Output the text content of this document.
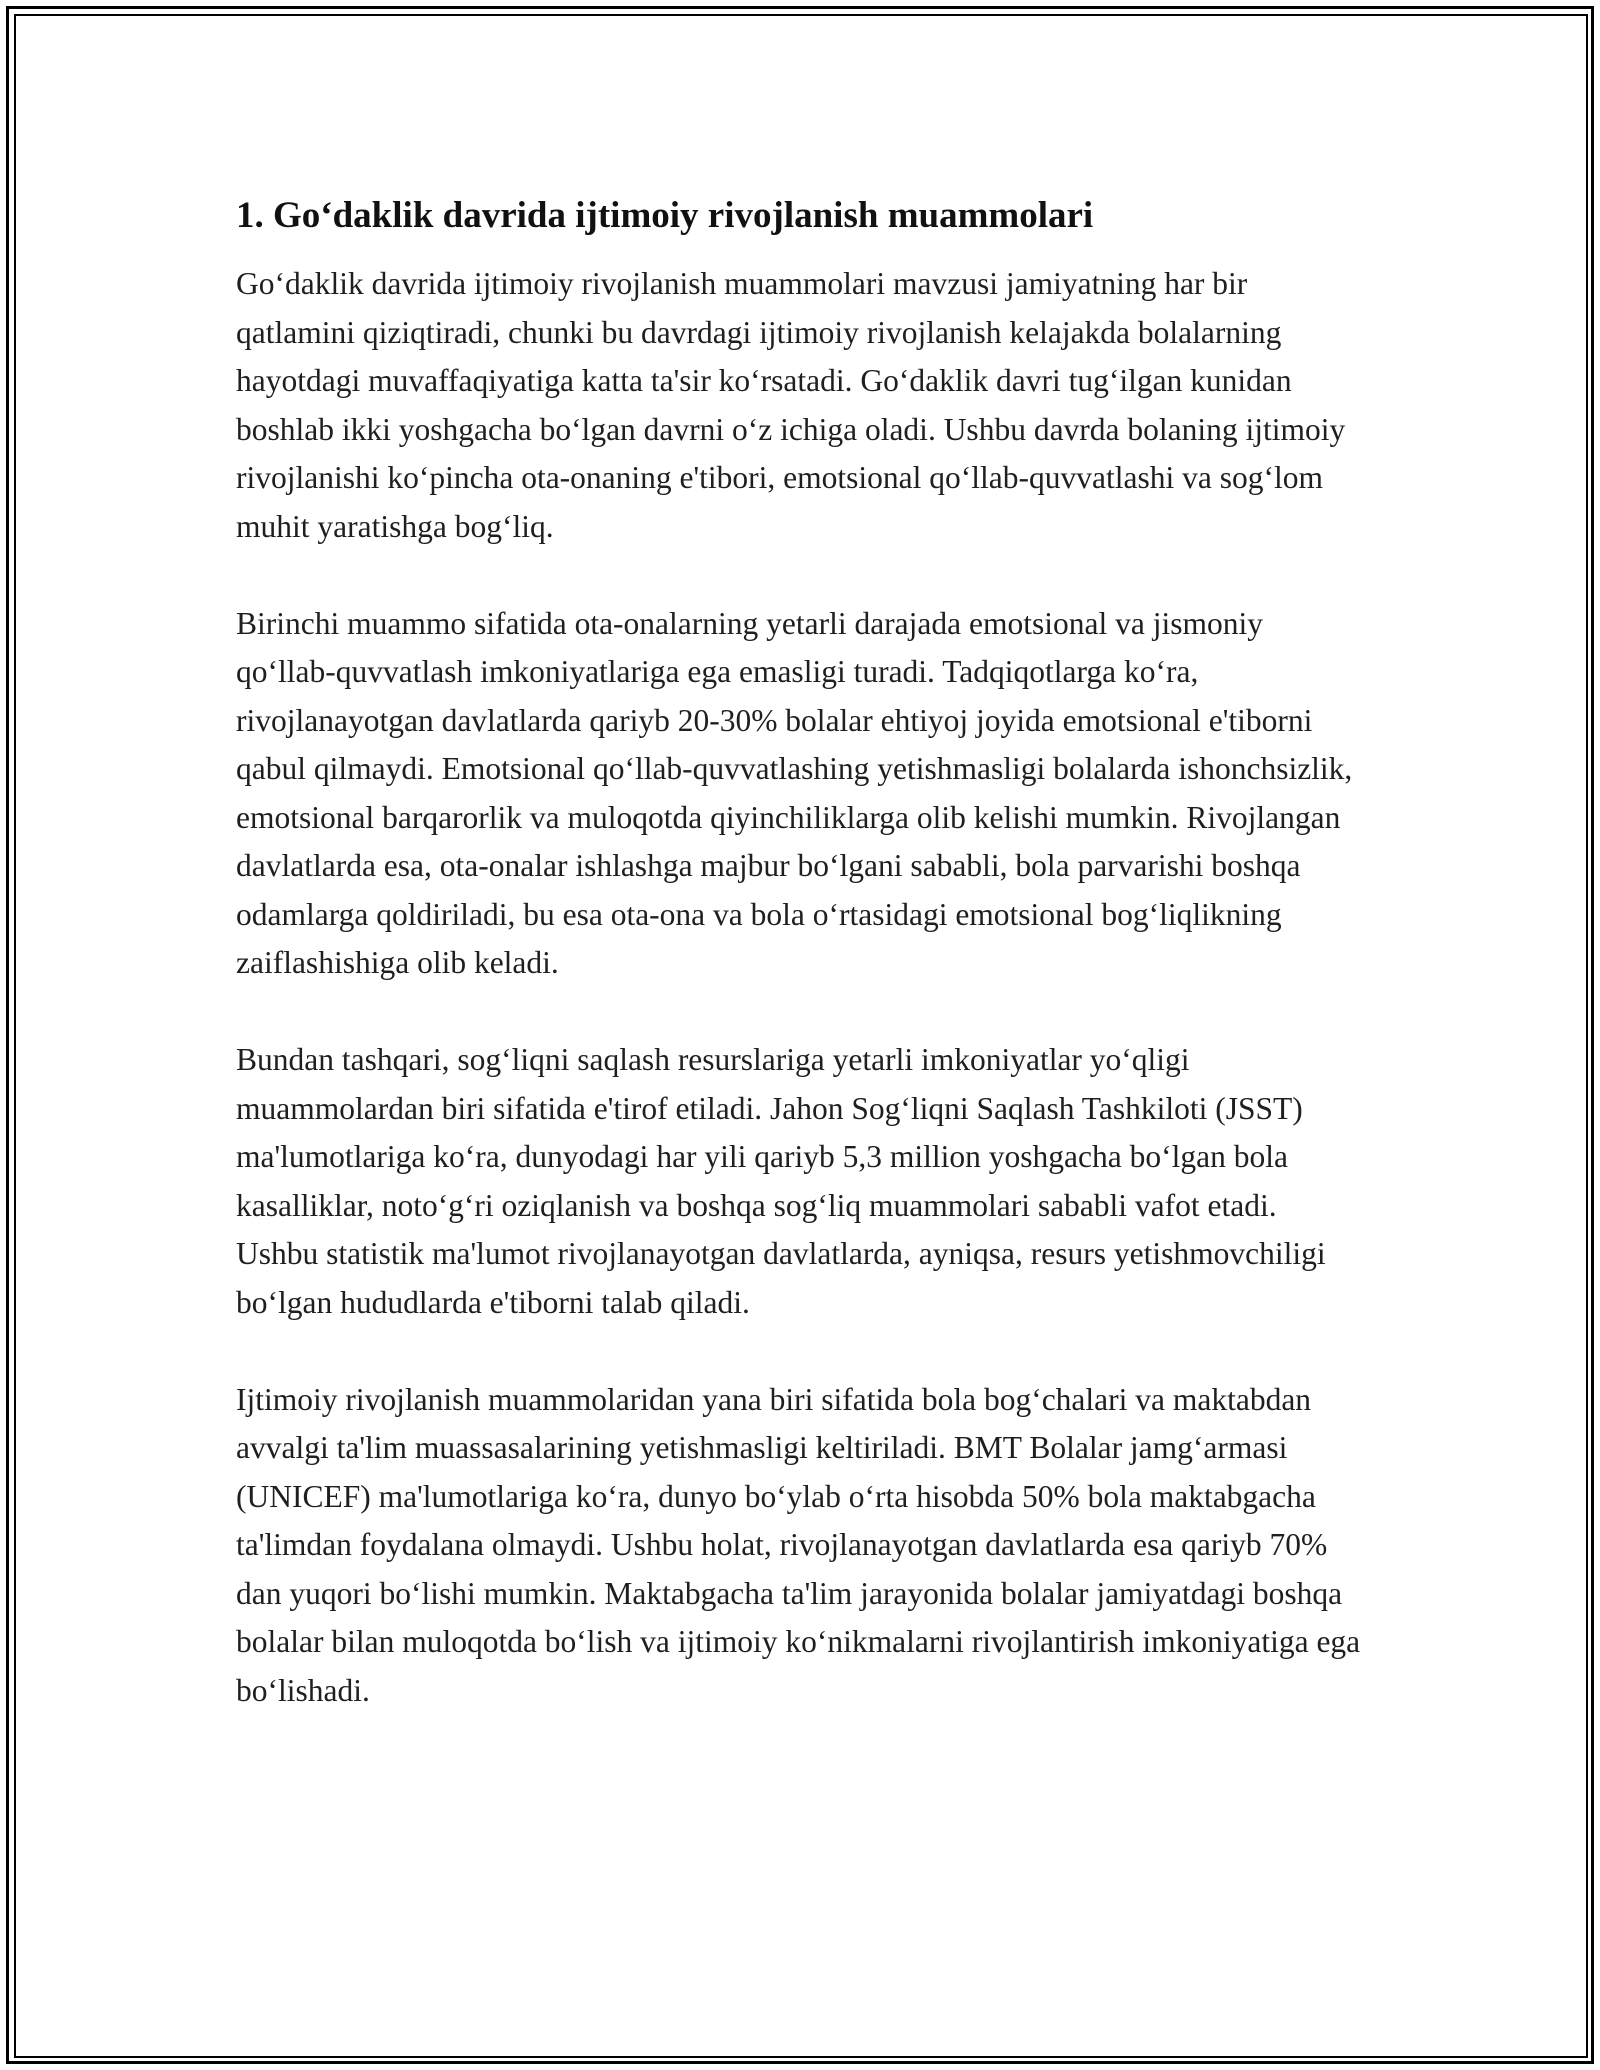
1. Go‘daklik davrida ijtimoiy rivojlanish muammolari

Go‘daklik davrida ijtimoiy rivojlanish muammolari mavzusi jamiyatning har bir qatlamini qiziqtiradi, chunki bu davrdagi ijtimoiy rivojlanish kelajakda bolalarning hayotdagi muvaffaqiyatiga katta ta'sir ko‘rsatadi. Go‘daklik davri tug‘ilgan kunidan boshlab ikki yoshgacha bo‘lgan davrni o‘z ichiga oladi. Ushbu davrda bolaning ijtimoiy rivojlanishi ko‘pincha ota-onaning e'tibori, emotsional qo‘llab-quvvatlashi va sog‘lom muhit yaratishga bog‘liq.

Birinchi muammo sifatida ota-onalarning yetarli darajada emotsional va jismoniy qo‘llab-quvvatlash imkoniyatlariga ega emasligi turadi. Tadqiqotlarga ko‘ra, rivojlanayotgan davlatlarda qariyb 20-30% bolalar ehtiyoj joyida emotsional e'tiborni qabul qilmaydi. Emotsional qo‘llab-quvvatlashing yetishmasligi bolalarda ishonchsizlik, emotsional barqarorlik va muloqotda qiyinchiliklarga olib kelishi mumkin. Rivojlangan davlatlarda esa, ota-onalar ishlashga majbur bo‘lgani sababli, bola parvarishi boshqa odamlarga qoldiriladi, bu esa ota-ona va bola o‘rtasidagi emotsional bog‘liqlikning zaiflashishiga olib keladi.

Bundan tashqari, sog‘liqni saqlash resurslariga yetarli imkoniyatlar yo‘qligi muammolardan biri sifatida e'tirof etiladi. Jahon Sog‘liqni Saqlash Tashkiloti (JSST) ma'lumotlariga ko‘ra, dunyodagi har yili qariyb 5,3 million yoshgacha bo‘lgan bola kasalliklar, noto‘g‘ri oziqlanish va boshqa sog‘liq muammolari sababli vafot etadi. Ushbu statistik ma'lumot rivojlanayotgan davlatlarda, ayniqsa, resurs yetishmovchiligi bo‘lgan hududlarda e'tiborni talab qiladi.

Ijtimoiy rivojlanish muammolaridan yana biri sifatida bola bog‘chalari va maktabdan avvalgi ta'lim muassasalarining yetishmasligi keltiriladi. BMT Bolalar jamg‘armasi (UNICEF) ma'lumotlariga ko‘ra, dunyo bo‘ylab o‘rta hisobda 50% bola maktabgacha ta'limdan foydalana olmaydi. Ushbu holat, rivojlanayotgan davlatlarda esa qariyb 70% dan yuqori bo‘lishi mumkin. Maktabgacha ta'lim jarayonida bolalar jamiyatdagi boshqa bolalar bilan muloqotda bo‘lish va ijtimoiy ko‘nikmalarni rivojlantirish imkoniyatiga ega bo‘lishadi.
